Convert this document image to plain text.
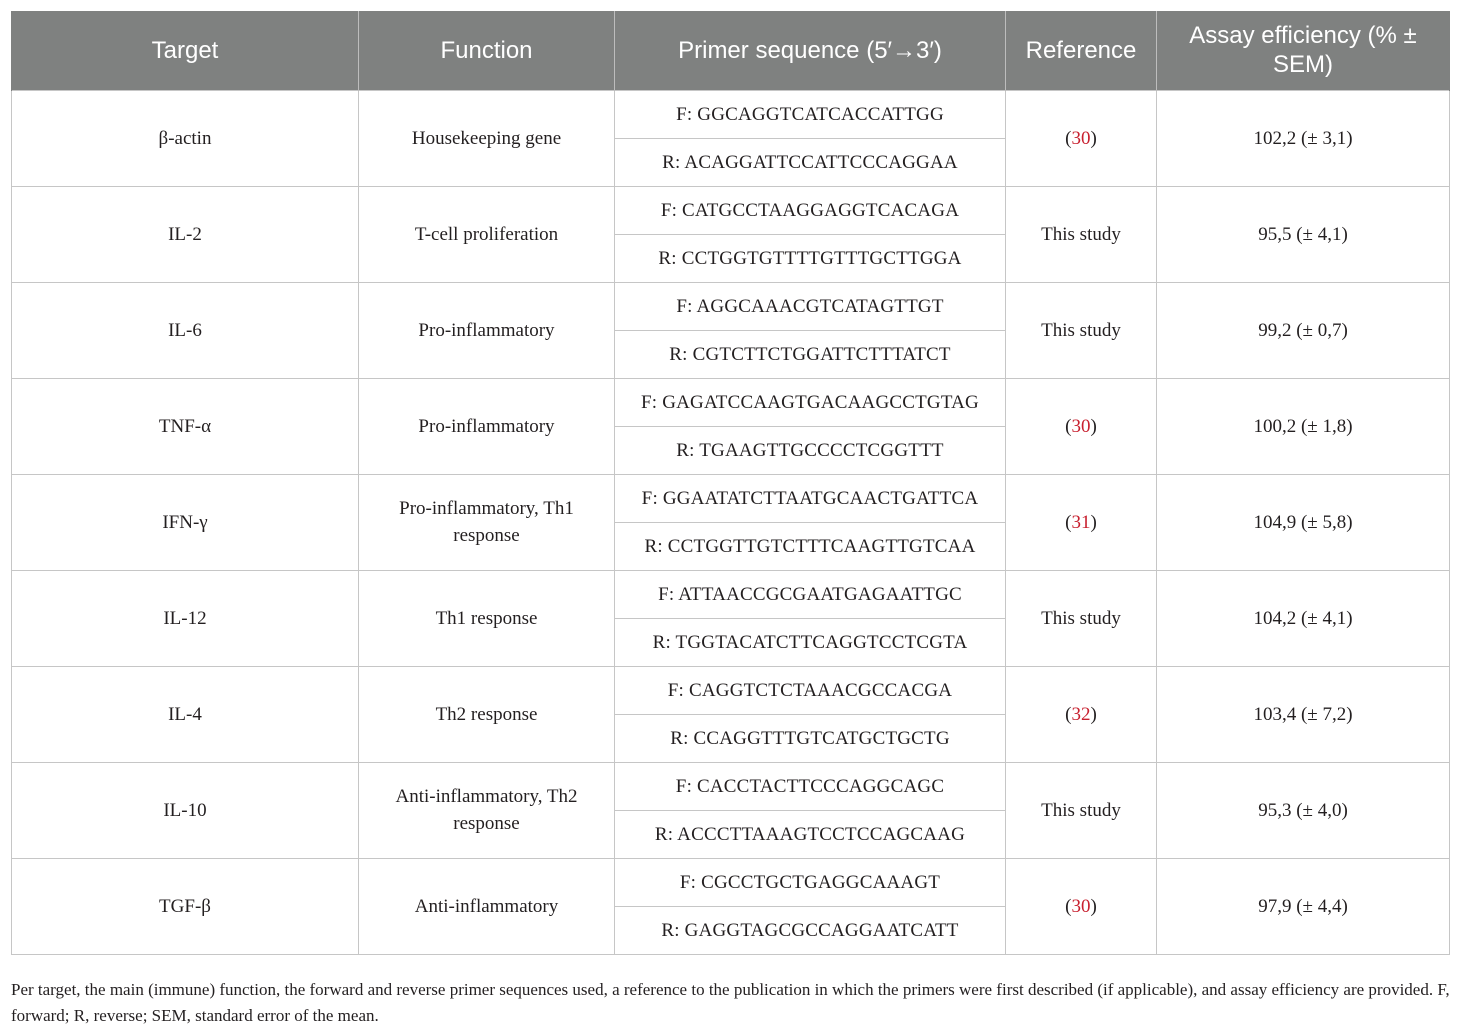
Target	Function	Primer sequence (5′→3′)	Reference	Assay efficiency (% ± SEM)
β-actin	Housekeeping gene	F: GGCAGGTCATCACCATTGG	(30)	102,2 (± 3,1)
		R: ACAGGATTCCATTCCCAGGAA		
IL-2	T-cell proliferation	F: CATGCCTAAGGAGGTCACAGA	This study	95,5 (± 4,1)
		R: CCTGGTGTTTTGTTTGCTTGGA		
IL-6	Pro-inflammatory	F: AGGCAAACGTCATAGTTGT	This study	99,2 (± 0,7)
		R: CGTCTTCTGGATTCTTTATCT		
TNF-α	Pro-inflammatory	F: GAGATCCAAGTGACAAGCCTGTAG	(30)	100,2 (± 1,8)
		R: TGAAGTTGCCCCTCGGTTT		
IFN-γ	Pro-inflammatory, Th1 response	F: GGAATATCTTAATGCAACTGATTCA	(31)	104,9 (± 5,8)
		R: CCTGGTTGTCTTTCAAGTTGTCAA		
IL-12	Th1 response	F: ATTAACCGCGAATGAGAATTGC	This study	104,2 (± 4,1)
		R: TGGTACATCTTCAGGTCCTCGTA		
IL-4	Th2 response	F: CAGGTCTCTAAACGCCACGA	(32)	103,4 (± 7,2)
		R: CCAGGTTTGTCATGCTGCTG		
IL-10	Anti-inflammatory, Th2 response	F: CACCTACTTCCCAGGCAGC	This study	95,3 (± 4,0)
		R: ACCCTTAAAGTCCTCCAGCAAG		
TGF-β	Anti-inflammatory	F: CGCCTGCTGAGGCAAAGT	(30)	97,9 (± 4,4)
		R: GAGGTAGCGCCAGGAATCATT		

Per target, the main (immune) function, the forward and reverse primer sequences used, a reference to the publication in which the primers were first described (if applicable), and assay efficiency are provided. F, forward; R, reverse; SEM, standard error of the mean.
